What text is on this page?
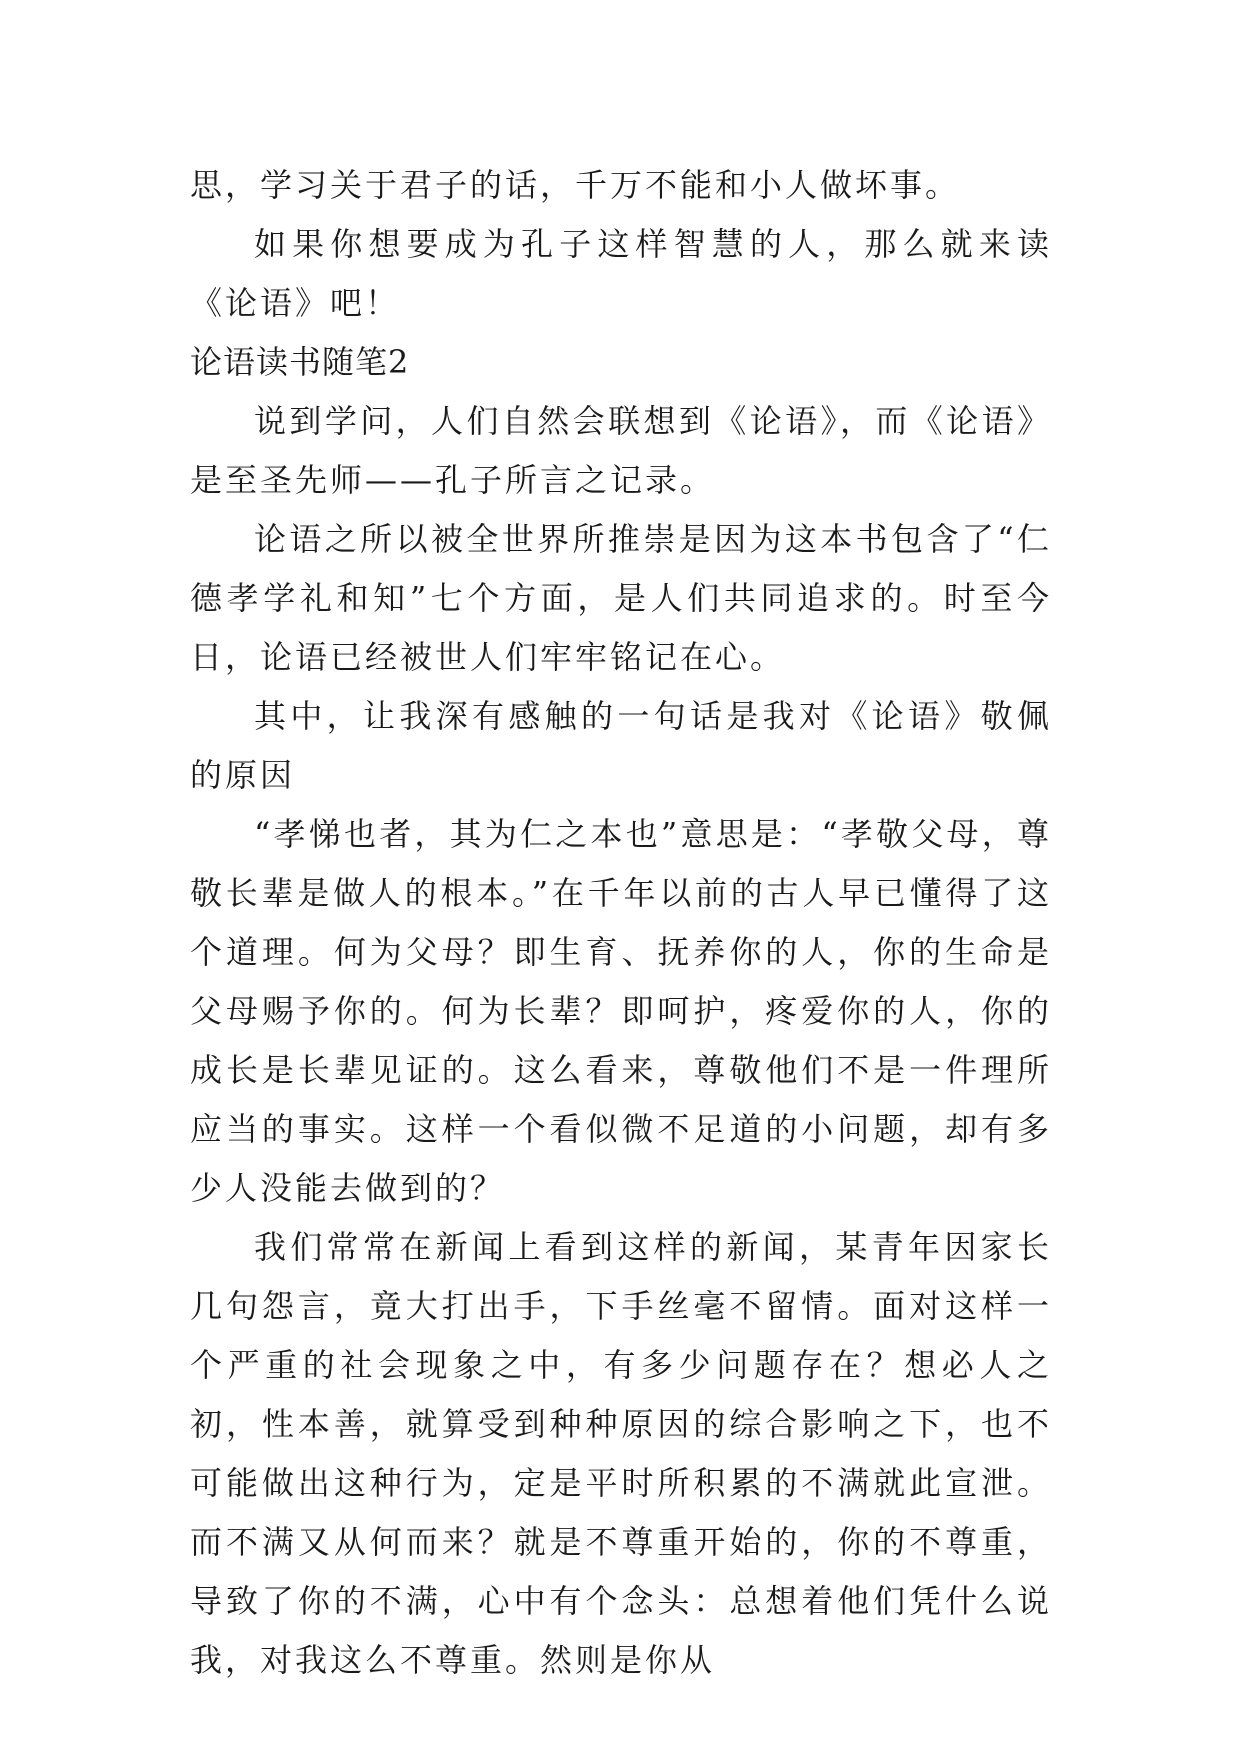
思，学习关于君子的话，千万不能和小人做坏事。

如果你想要成为孔子这样智慧的人，那么就来读《论语》吧！

论语读书随笔2

说到学问，人们自然会联想到《论语》，而《论语》是至圣先师——孔子所言之记录。

论语之所以被全世界所推崇是因为这本书包含了“仁德孝学礼和知”七个方面，是人们共同追求的。时至今日，论语已经被世人们牢牢铭记在心。

其中，让我深有感触的一句话是我对《论语》敬佩的原因

“孝悌也者，其为仁之本也”意思是：“孝敬父母，尊敬长辈是做人的根本。”在千年以前的古人早已懂得了这个道理。何为父母？即生育、抚养你的人，你的生命是父母赐予你的。何为长辈？即呵护，疼爱你的人，你的成长是长辈见证的。这么看来，尊敬他们不是一件理所应当的事实。这样一个看似微不足道的小问题，却有多少人没能去做到的？

我们常常在新闻上看到这样的新闻，某青年因家长几句怨言，竟大打出手，下手丝毫不留情。面对这样一个严重的社会现象之中，有多少问题存在？想必人之初，性本善，就算受到种种原因的综合影响之下，也不可能做出这种行为，定是平时所积累的不满就此宣泄。而不满又从何而来？就是不尊重开始的，你的不尊重，导致了你的不满，心中有个念头：总想着他们凭什么说我，对我这么不尊重。然则是你从
